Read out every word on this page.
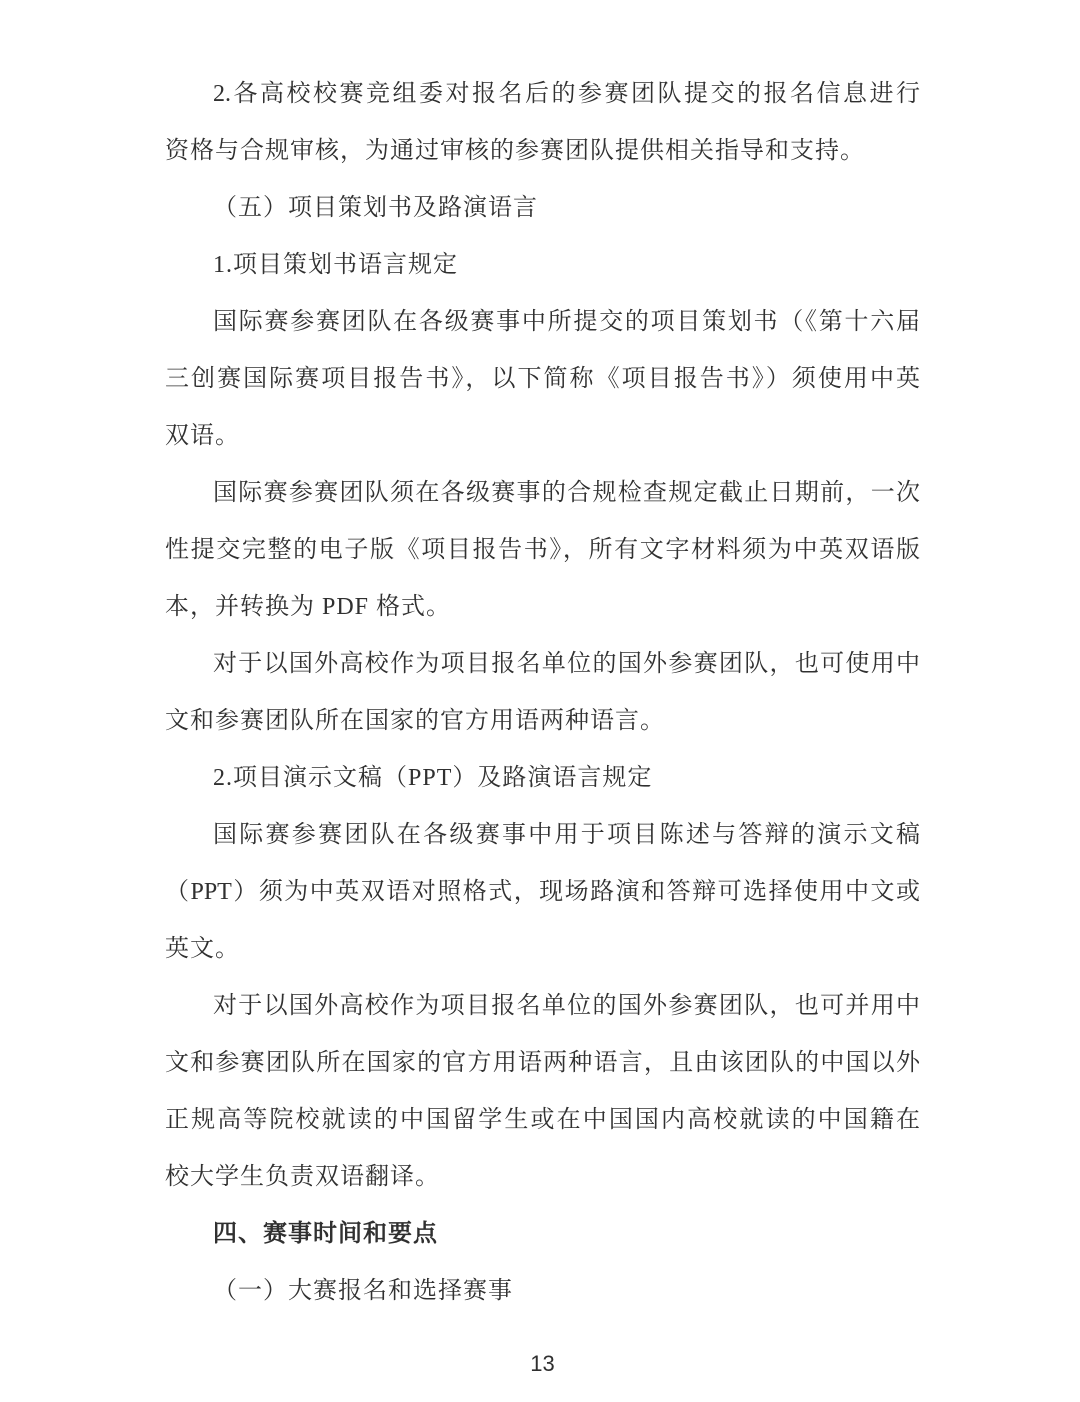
2.各高校校赛竞组委对报名后的参赛团队提交的报名信息进行
资格与合规审核，为通过审核的参赛团队提供相关指导和支持。
（五）项目策划书及路演语言
1.项目策划书语言规定
国际赛参赛团队在各级赛事中所提交的项目策划书（《第十六届
三创赛国际赛项目报告书》，以下简称《项目报告书》）须使用中英
双语。
国际赛参赛团队须在各级赛事的合规检查规定截止日期前，一次
性提交完整的电子版《项目报告书》，所有文字材料须为中英双语版
本，并转换为 PDF 格式。
对于以国外高校作为项目报名单位的国外参赛团队，也可使用中
文和参赛团队所在国家的官方用语两种语言。
2.项目演示文稿（PPT）及路演语言规定
国际赛参赛团队在各级赛事中用于项目陈述与答辩的演示文稿
（PPT）须为中英双语对照格式，现场路演和答辩可选择使用中文或
英文。
对于以国外高校作为项目报名单位的国外参赛团队，也可并用中
文和参赛团队所在国家的官方用语两种语言，且由该团队的中国以外
正规高等院校就读的中国留学生或在中国国内高校就读的中国籍在
校大学生负责双语翻译。
四、赛事时间和要点
（一）大赛报名和选择赛事
13
